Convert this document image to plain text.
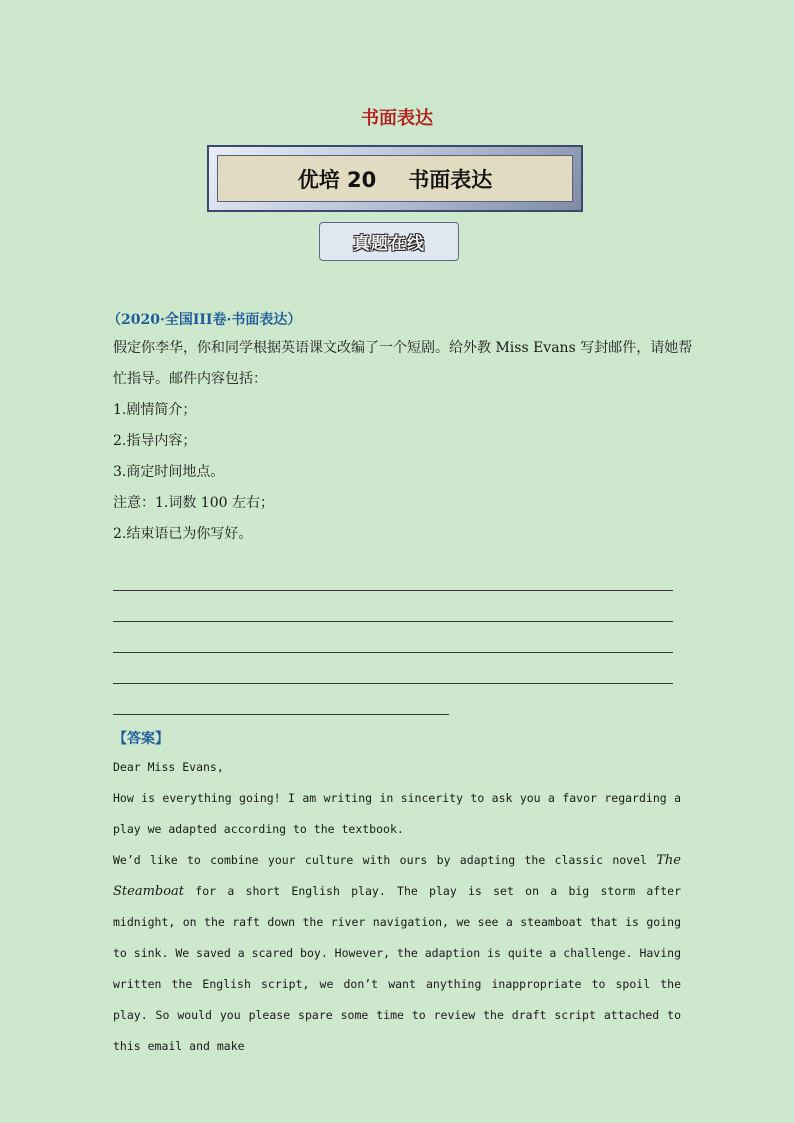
书面表达
优培 20 书面表达
真题在线
（2020·全国III卷·书面表达）
假定你李华，你和同学根据英语课文改编了一个短剧。给外教 Miss Evans 写封邮件，请她帮
忙指导。邮件内容包括：
1.剧情简介；
2.指导内容；
3.商定时间地点。
注意：1.词数 100 左右；
2.结束语已为你写好。
【答案】

Dear Miss Evans,

How is everything going! I am writing in sincerity to ask you a favor regarding a play we adapted according to the textbook.

We’d like to combine your culture with ours by adapting the classic novel The Steamboat for a short English play. The play is set on a big storm after midnight, on the raft down the river navigation, we see a steamboat that is going to sink. We saved a scared boy. However, the adaption is quite a challenge. Having written the English script, we don’t want anything inappropriate to spoil the play. So would you please spare some time to review the draft script attached to this email and make
